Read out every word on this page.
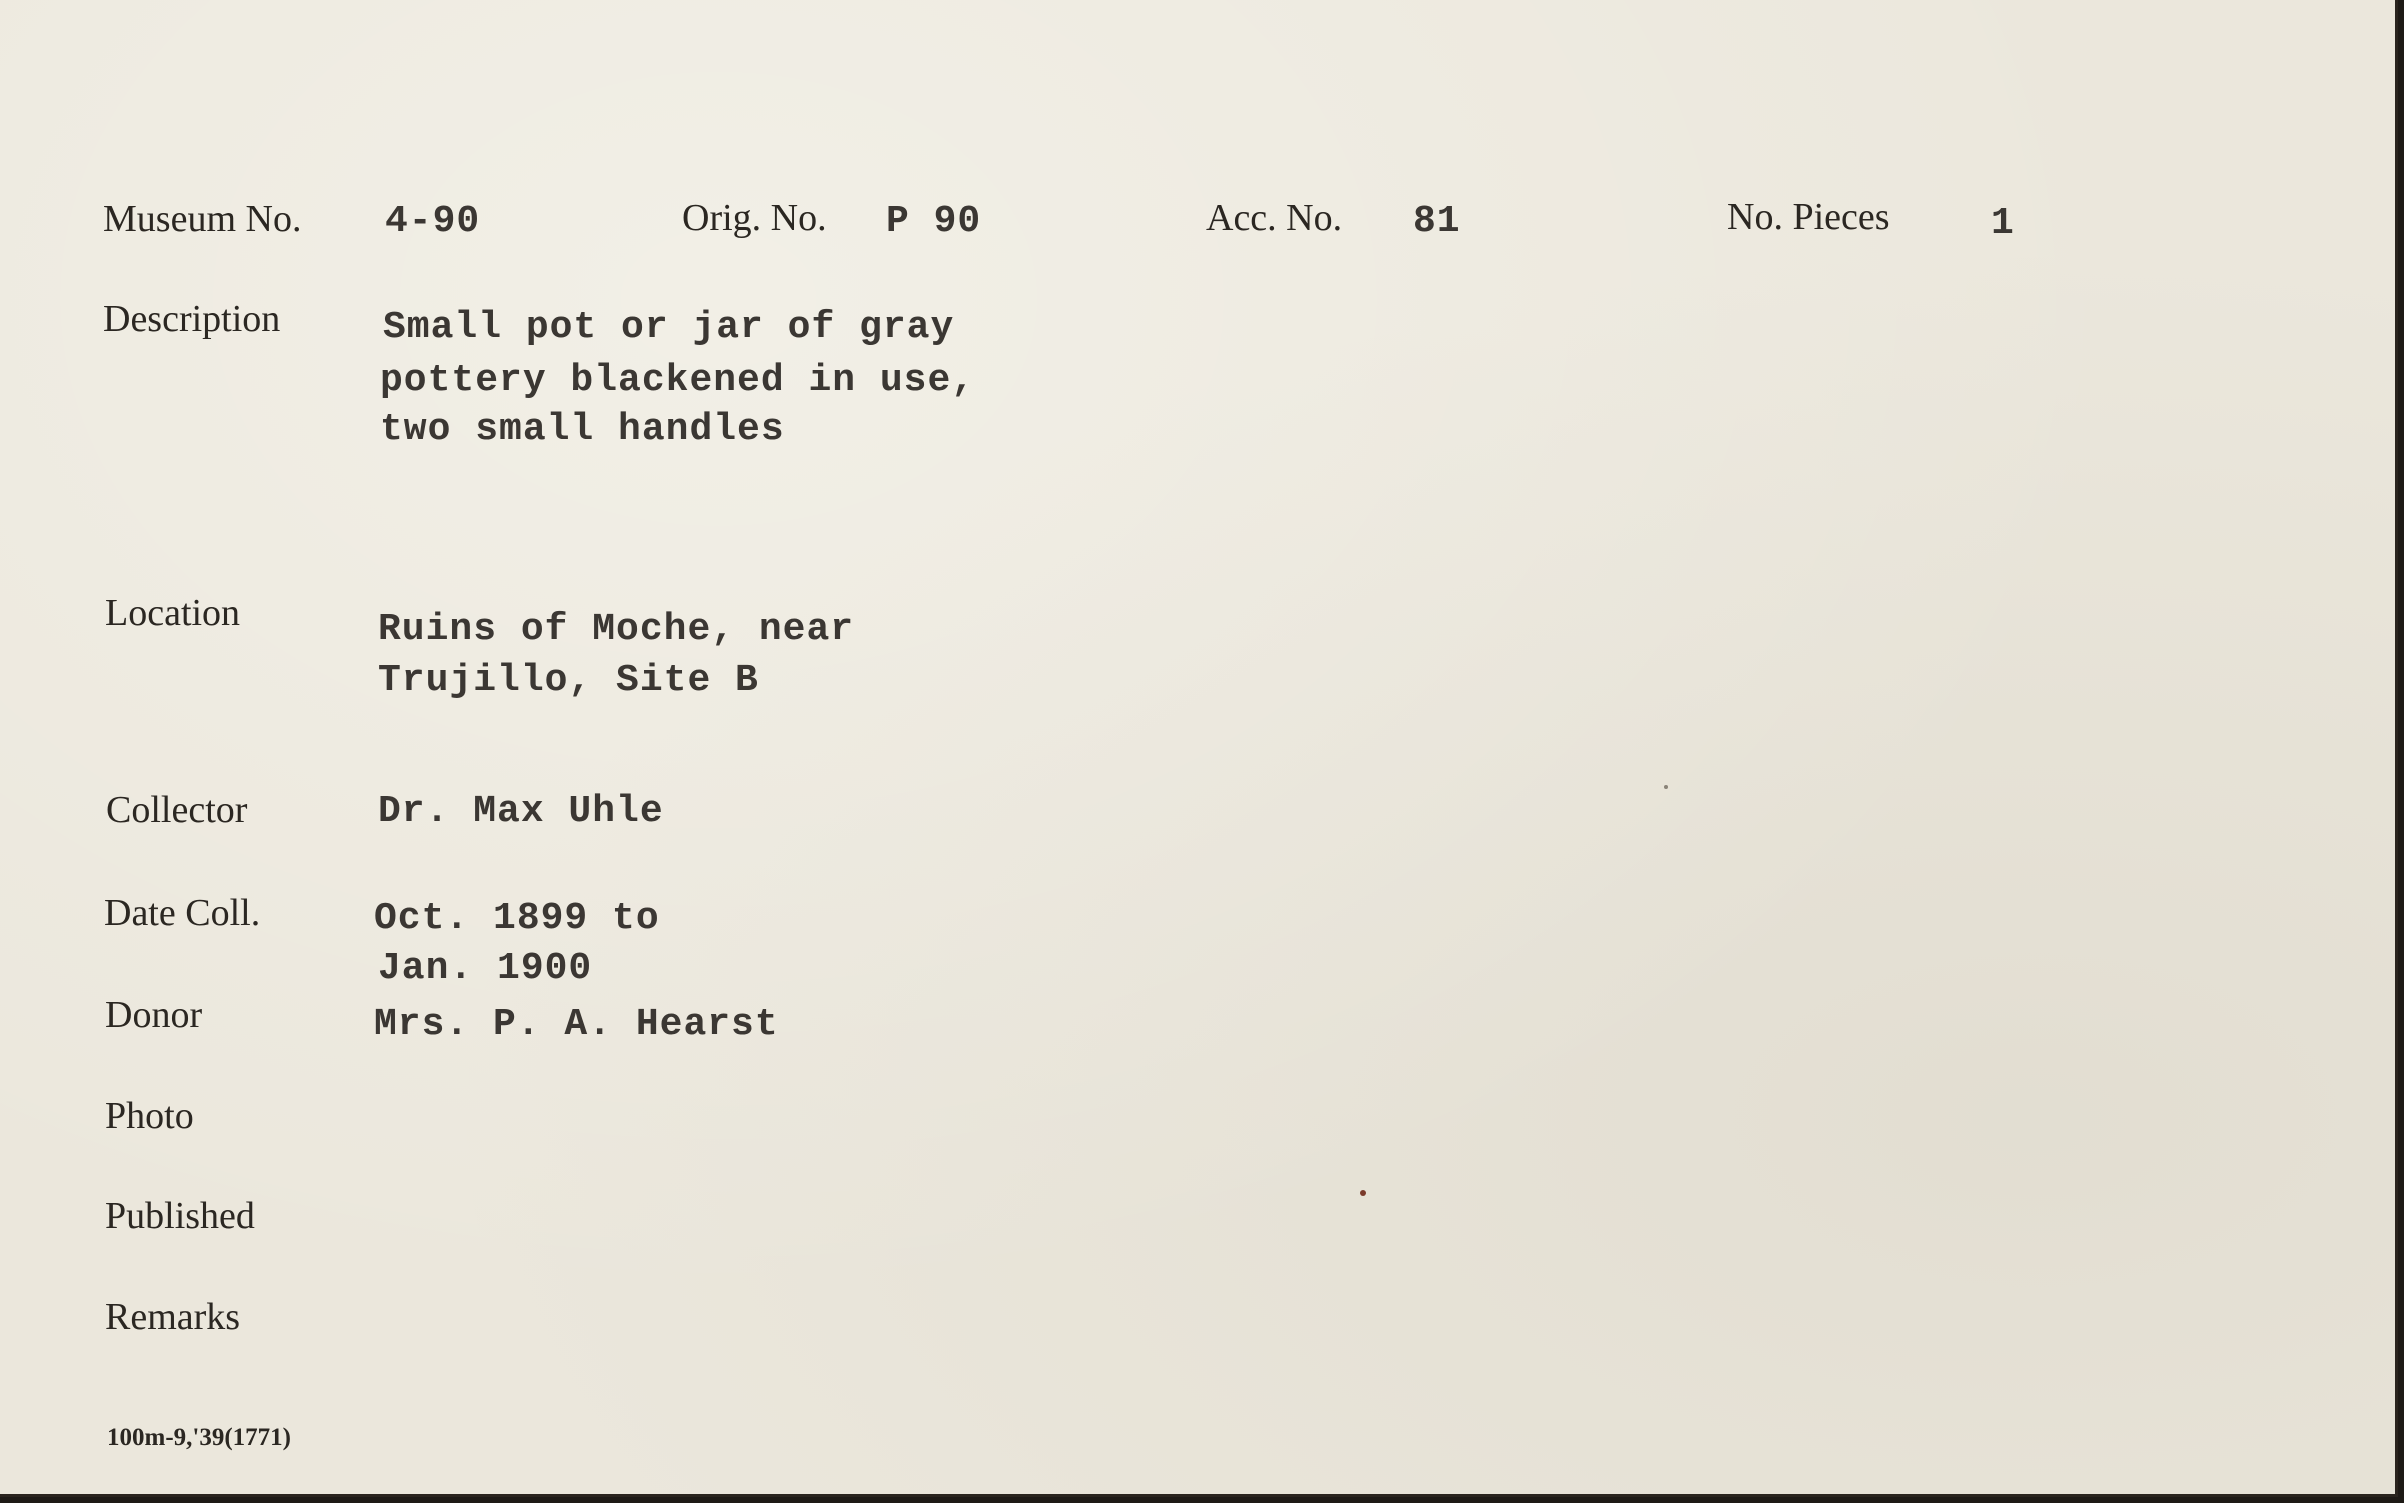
Museum No. 4-90	Orig. No. P 90	Acc. No. 81	No. Pieces	1
Description	Small pot or jar of gray
pottery blackened in use,
two small handles
Location	Ruins of Moche, near
Trujillo, Site B
Collector	Dr. Max Uhle
Date Coll.	Oct. 1899 to
Jan. 1900
Donor	Mrs. P. A. Hearst
Photo
Published
Remarks
100m-9,'39(1771)
